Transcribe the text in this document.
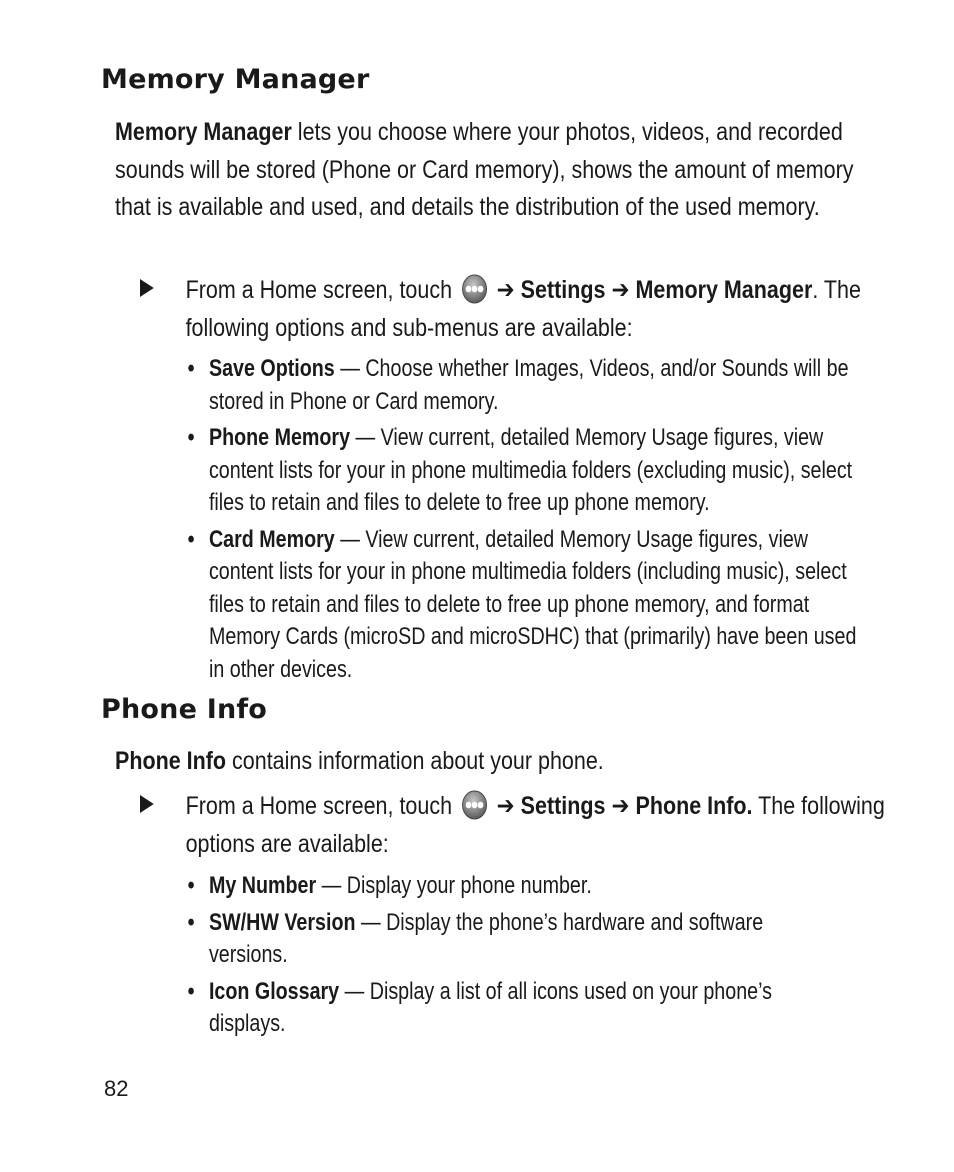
Memory Manager

Memory Manager lets you choose where your photos, videos, and recorded sounds will be stored (Phone or Card memory), shows the amount of memory that is available and used, and details the distribution of the used memory.

From a Home screen, touch ➔ Settings ➔ Memory Manager. The following options and sub-menus are available:
• Save Options — Choose whether Images, Videos, and/or Sounds will be stored in Phone or Card memory.
• Phone Memory — View current, detailed Memory Usage figures, view content lists for your in phone multimedia folders (excluding music), select files to retain and files to delete to free up phone memory.
• Card Memory — View current, detailed Memory Usage figures, view content lists for your in phone multimedia folders (including music), select files to retain and files to delete to free up phone memory, and format Memory Cards (microSD and microSDHC) that (primarily) have been used in other devices.
Phone Info

Phone Info contains information about your phone.

From a Home screen, touch ➔ Settings ➔ Phone Info. The following options are available:
• My Number — Display your phone number.
• SW/HW Version — Display the phone’s hardware and software versions.
• Icon Glossary — Display a list of all icons used on your phone’s displays.
82
